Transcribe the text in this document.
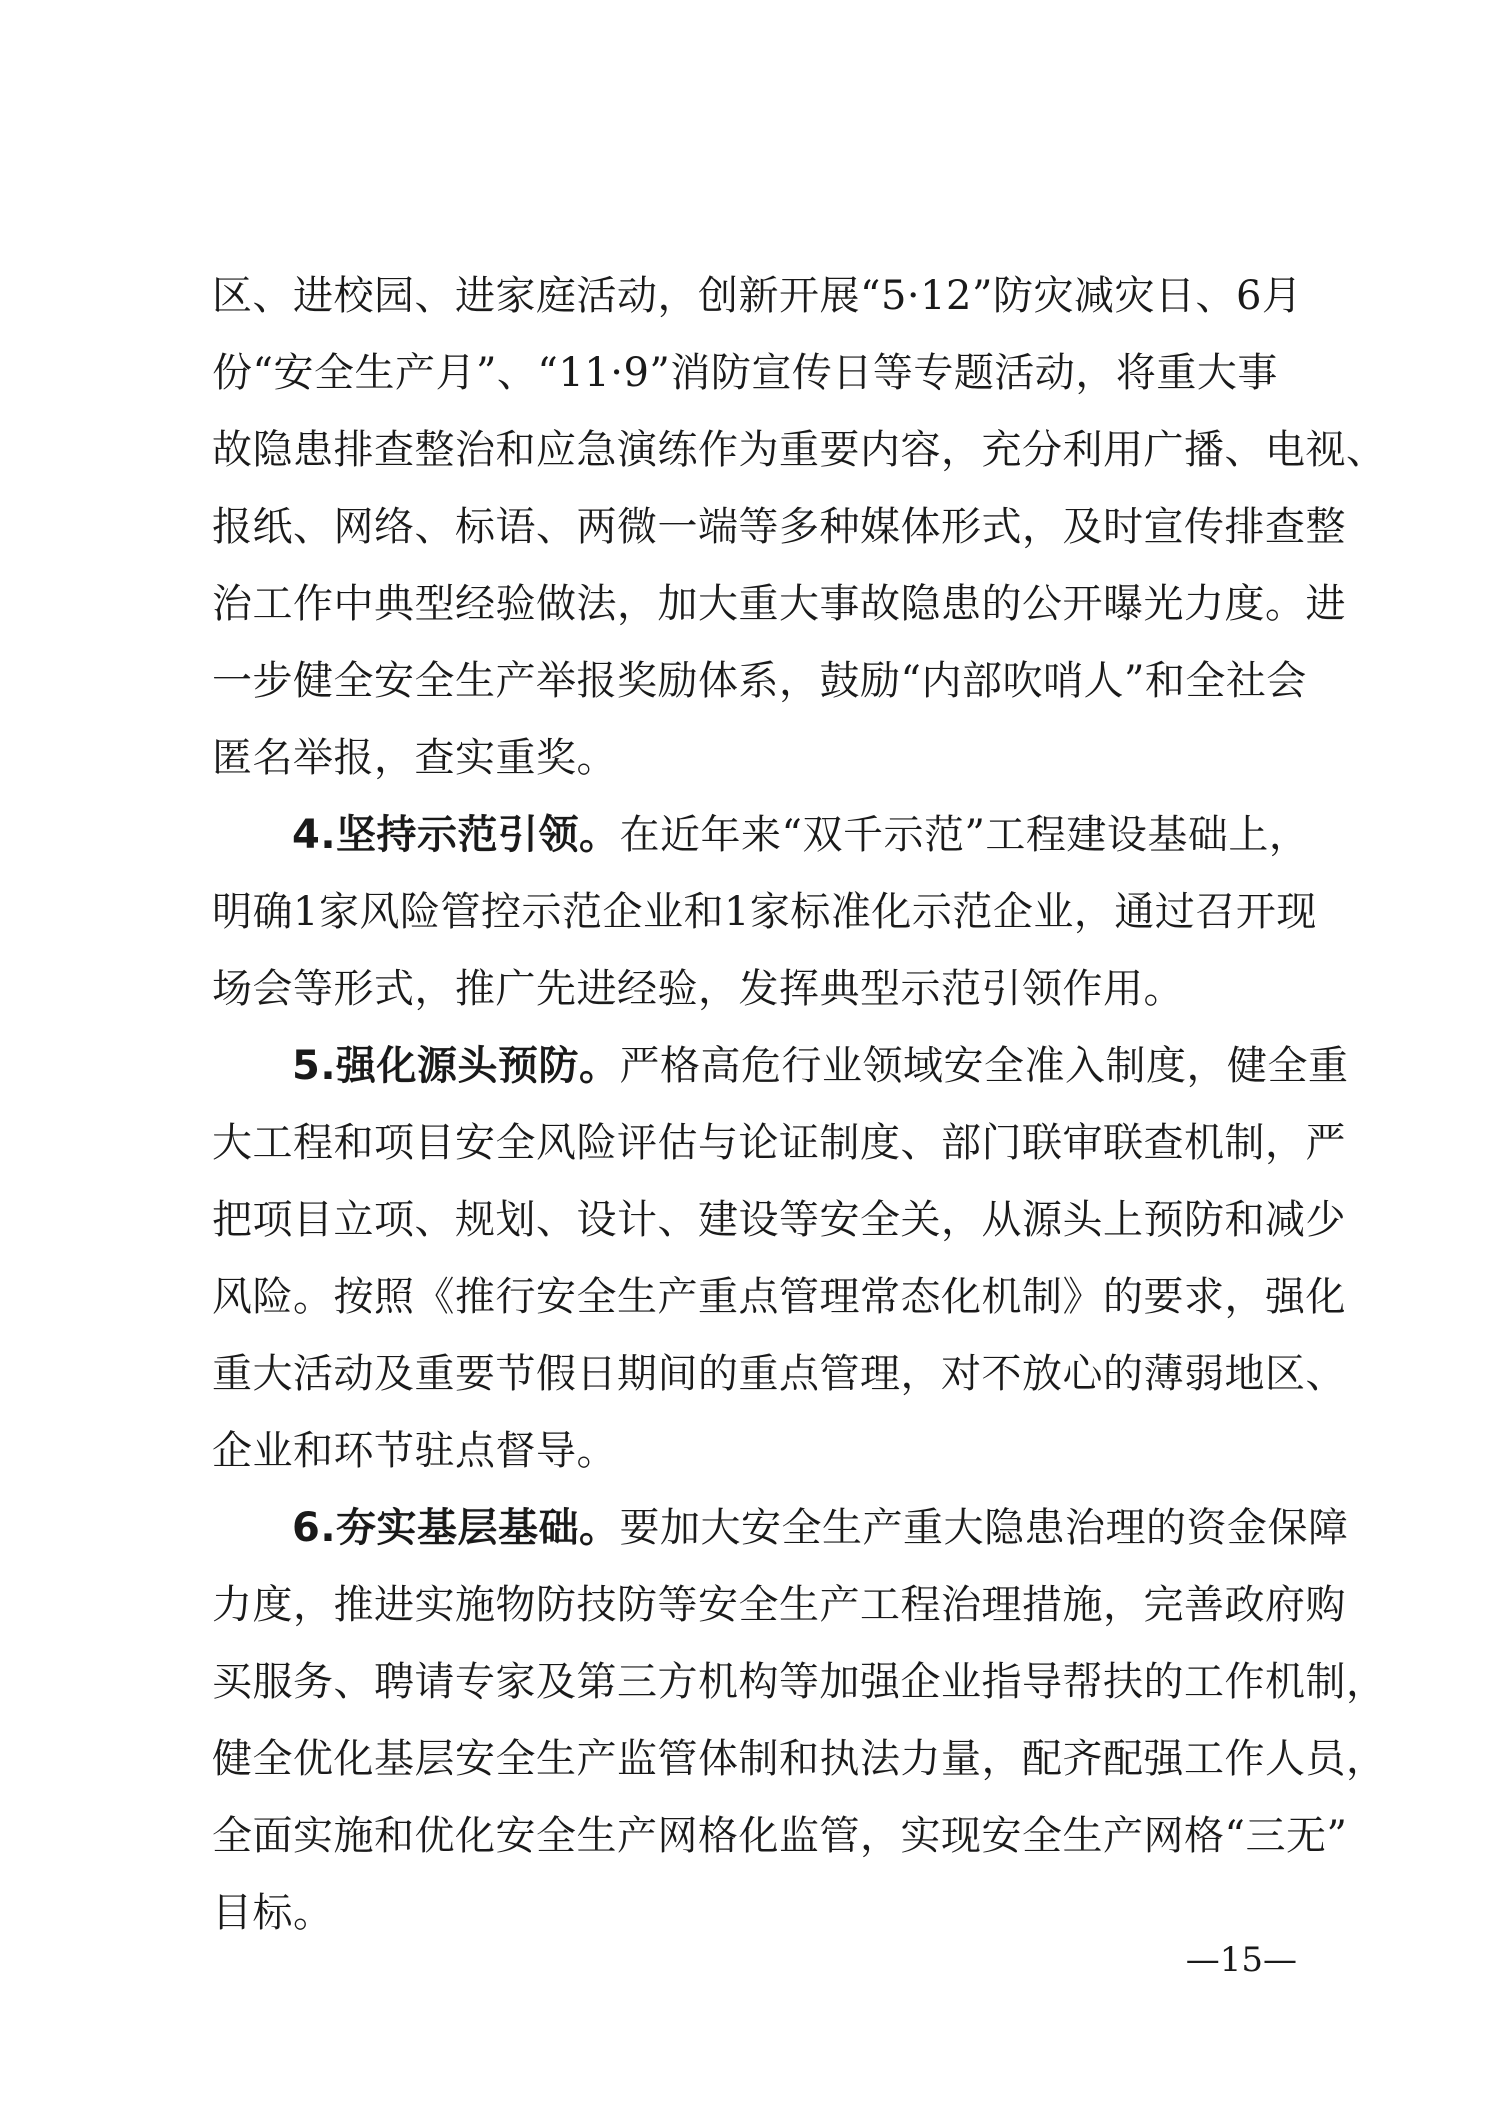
区、进校园、进家庭活动，创新开展“5·12”防灾减灾日、6月
份“安全生产月”、“11·9”消防宣传日等专题活动，将重大事
故隐患排查整治和应急演练作为重要内容，充分利用广播、电视、
报纸、网络、标语、两微一端等多种媒体形式，及时宣传排查整
治工作中典型经验做法，加大重大事故隐患的公开曝光力度。进
一步健全安全生产举报奖励体系，鼓励“内部吹哨人”和全社会
匿名举报，查实重奖。
4.坚持示范引领。在近年来“双千示范”工程建设基础上，
明确1家风险管控示范企业和1家标准化示范企业，通过召开现
场会等形式，推广先进经验，发挥典型示范引领作用。
5.强化源头预防。严格高危行业领域安全准入制度，健全重
大工程和项目安全风险评估与论证制度、部门联审联查机制，严
把项目立项、规划、设计、建设等安全关，从源头上预防和减少
风险。按照《推行安全生产重点管理常态化机制》的要求，强化
重大活动及重要节假日期间的重点管理，对不放心的薄弱地区、
企业和环节驻点督导。
6.夯实基层基础。要加大安全生产重大隐患治理的资金保障
力度，推进实施物防技防等安全生产工程治理措施，完善政府购
买服务、聘请专家及第三方机构等加强企业指导帮扶的工作机制，
健全优化基层安全生产监管体制和执法力量，配齐配强工作人员，
全面实施和优化安全生产网格化监管，实现安全生产网格“三无”
目标。
—15—
